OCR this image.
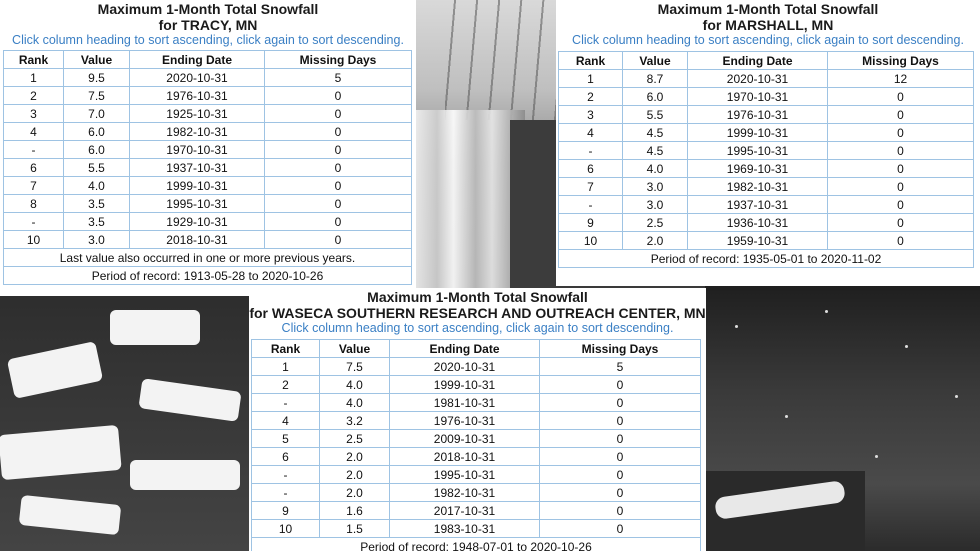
Maximum 1-Month Total Snowfall
for TRACY, MN
Click column heading to sort ascending, click again to sort descending.
Rank	Value	Ending Date	Missing Days
1	9.5	2020-10-31	5
2	7.5	1976-10-31	0
3	7.0	1925-10-31	0
4	6.0	1982-10-31	0
-	6.0	1970-10-31	0
6	5.5	1937-10-31	0
7	4.0	1999-10-31	0
8	3.5	1995-10-31	0
-	3.5	1929-10-31	0
10	3.0	2018-10-31	0
Last value also occurred in one or more previous years.			
Period of record: 1913-05-28 to 2020-10-26			
Maximum 1-Month Total Snowfall
for MARSHALL, MN
Click column heading to sort ascending, click again to sort descending.
Rank	Value	Ending Date	Missing Days
1	8.7	2020-10-31	12
2	6.0	1970-10-31	0
3	5.5	1976-10-31	0
4	4.5	1999-10-31	0
-	4.5	1995-10-31	0
6	4.0	1969-10-31	0
7	3.0	1982-10-31	0
-	3.0	1937-10-31	0
9	2.5	1936-10-31	0
10	2.0	1959-10-31	0
Period of record: 1935-05-01 to 2020-11-02			
Maximum 1-Month Total Snowfall
for WASECA SOUTHERN RESEARCH AND OUTREACH CENTER, MN
Click column heading to sort ascending, click again to sort descending.
Rank	Value	Ending Date	Missing Days
1	7.5	2020-10-31	5
2	4.0	1999-10-31	0
-	4.0	1981-10-31	0
4	3.2	1976-10-31	0
5	2.5	2009-10-31	0
6	2.0	2018-10-31	0
-	2.0	1995-10-31	0
-	2.0	1982-10-31	0
9	1.6	2017-10-31	0
10	1.5	1983-10-31	0
Period of record: 1948-07-01 to 2020-10-26			
